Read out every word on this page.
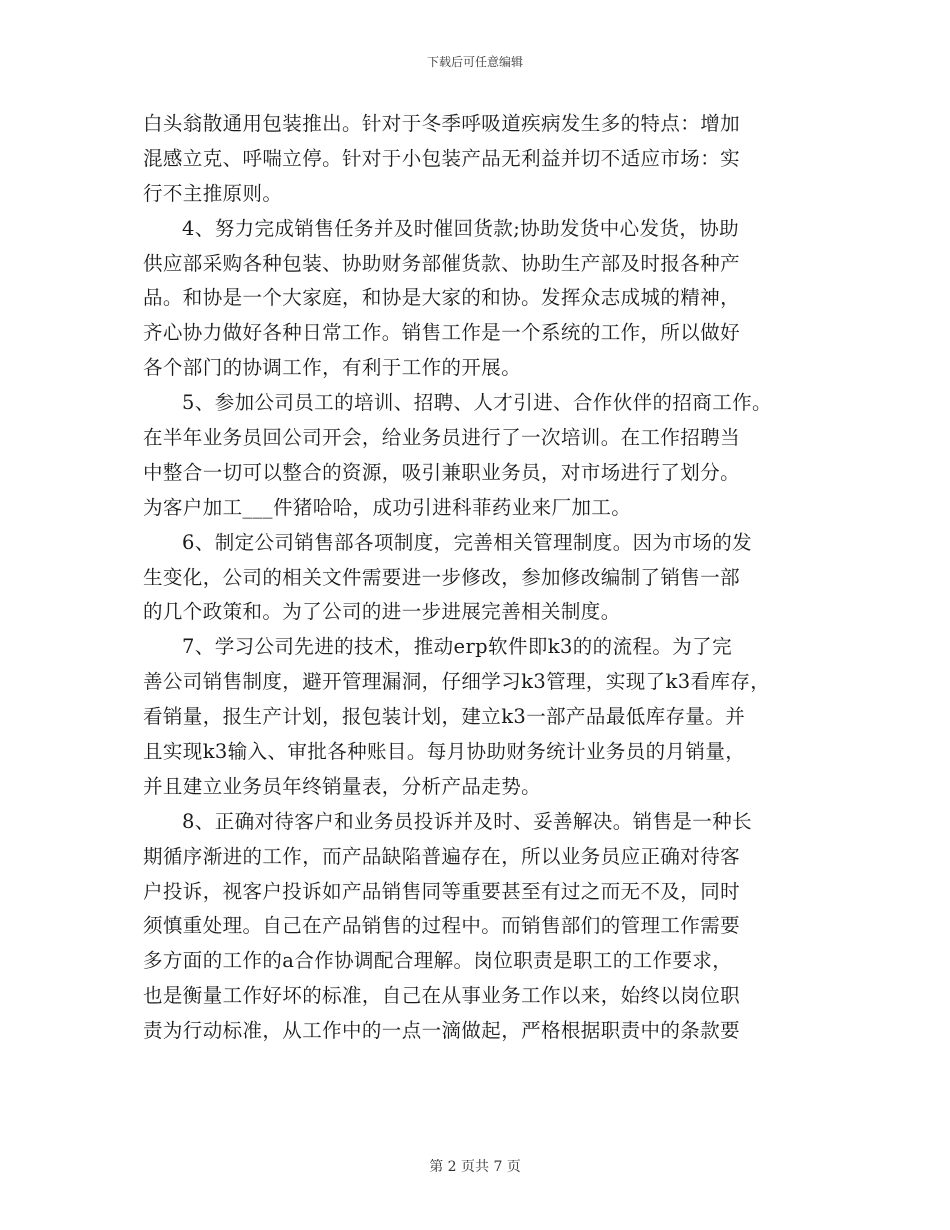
下载后可任意编辑
白头翁散通用包装推出。针对于冬季呼吸道疾病发生多的特点：增加
混感立克、呼喘立停。针对于小包装产品无利益并切不适应市场：实
行不主推原则。
4、努力完成销售任务并及时催回货款;协助发货中心发货，协助
供应部采购各种包装、协助财务部催货款、协助生产部及时报各种产
品。和协是一个大家庭，和协是大家的和协。发挥众志成城的精神，
齐心协力做好各种日常工作。销售工作是一个系统的工作，所以做好
各个部门的协调工作，有利于工作的开展。
5、参加公司员工的培训、招聘、人才引进、合作伙伴的招商工作。
在半年业务员回公司开会，给业务员进行了一次培训。在工作招聘当
中整合一切可以整合的资源，吸引兼职业务员，对市场进行了划分。
为客户加工___件猪哈哈，成功引进科菲药业来厂加工。
6、制定公司销售部各项制度，完善相关管理制度。因为市场的发
生变化，公司的相关文件需要进一步修改，参加修改编制了销售一部
的几个政策和。为了公司的进一步进展完善相关制度。
7、学习公司先进的技术，推动erp软件即k3的的流程。为了完
善公司销售制度，避开管理漏洞，仔细学习k3管理，实现了k3看库存，
看销量，报生产计划，报包装计划，建立k3一部产品最低库存量。并
且实现k3输入、审批各种账目。每月协助财务统计业务员的月销量，
并且建立业务员年终销量表，分析产品走势。
8、正确对待客户和业务员投诉并及时、妥善解决。销售是一种长
期循序渐进的工作，而产品缺陷普遍存在，所以业务员应正确对待客
户投诉，视客户投诉如产品销售同等重要甚至有过之而无不及，同时
须慎重处理。自己在产品销售的过程中。而销售部们的管理工作需要
多方面的工作的a合作协调配合理解。岗位职责是职工的工作要求，
也是衡量工作好坏的标准，自己在从事业务工作以来，始终以岗位职
责为行动标准，从工作中的一点一滴做起，严格根据职责中的条款要
第 2 页共 7 页
